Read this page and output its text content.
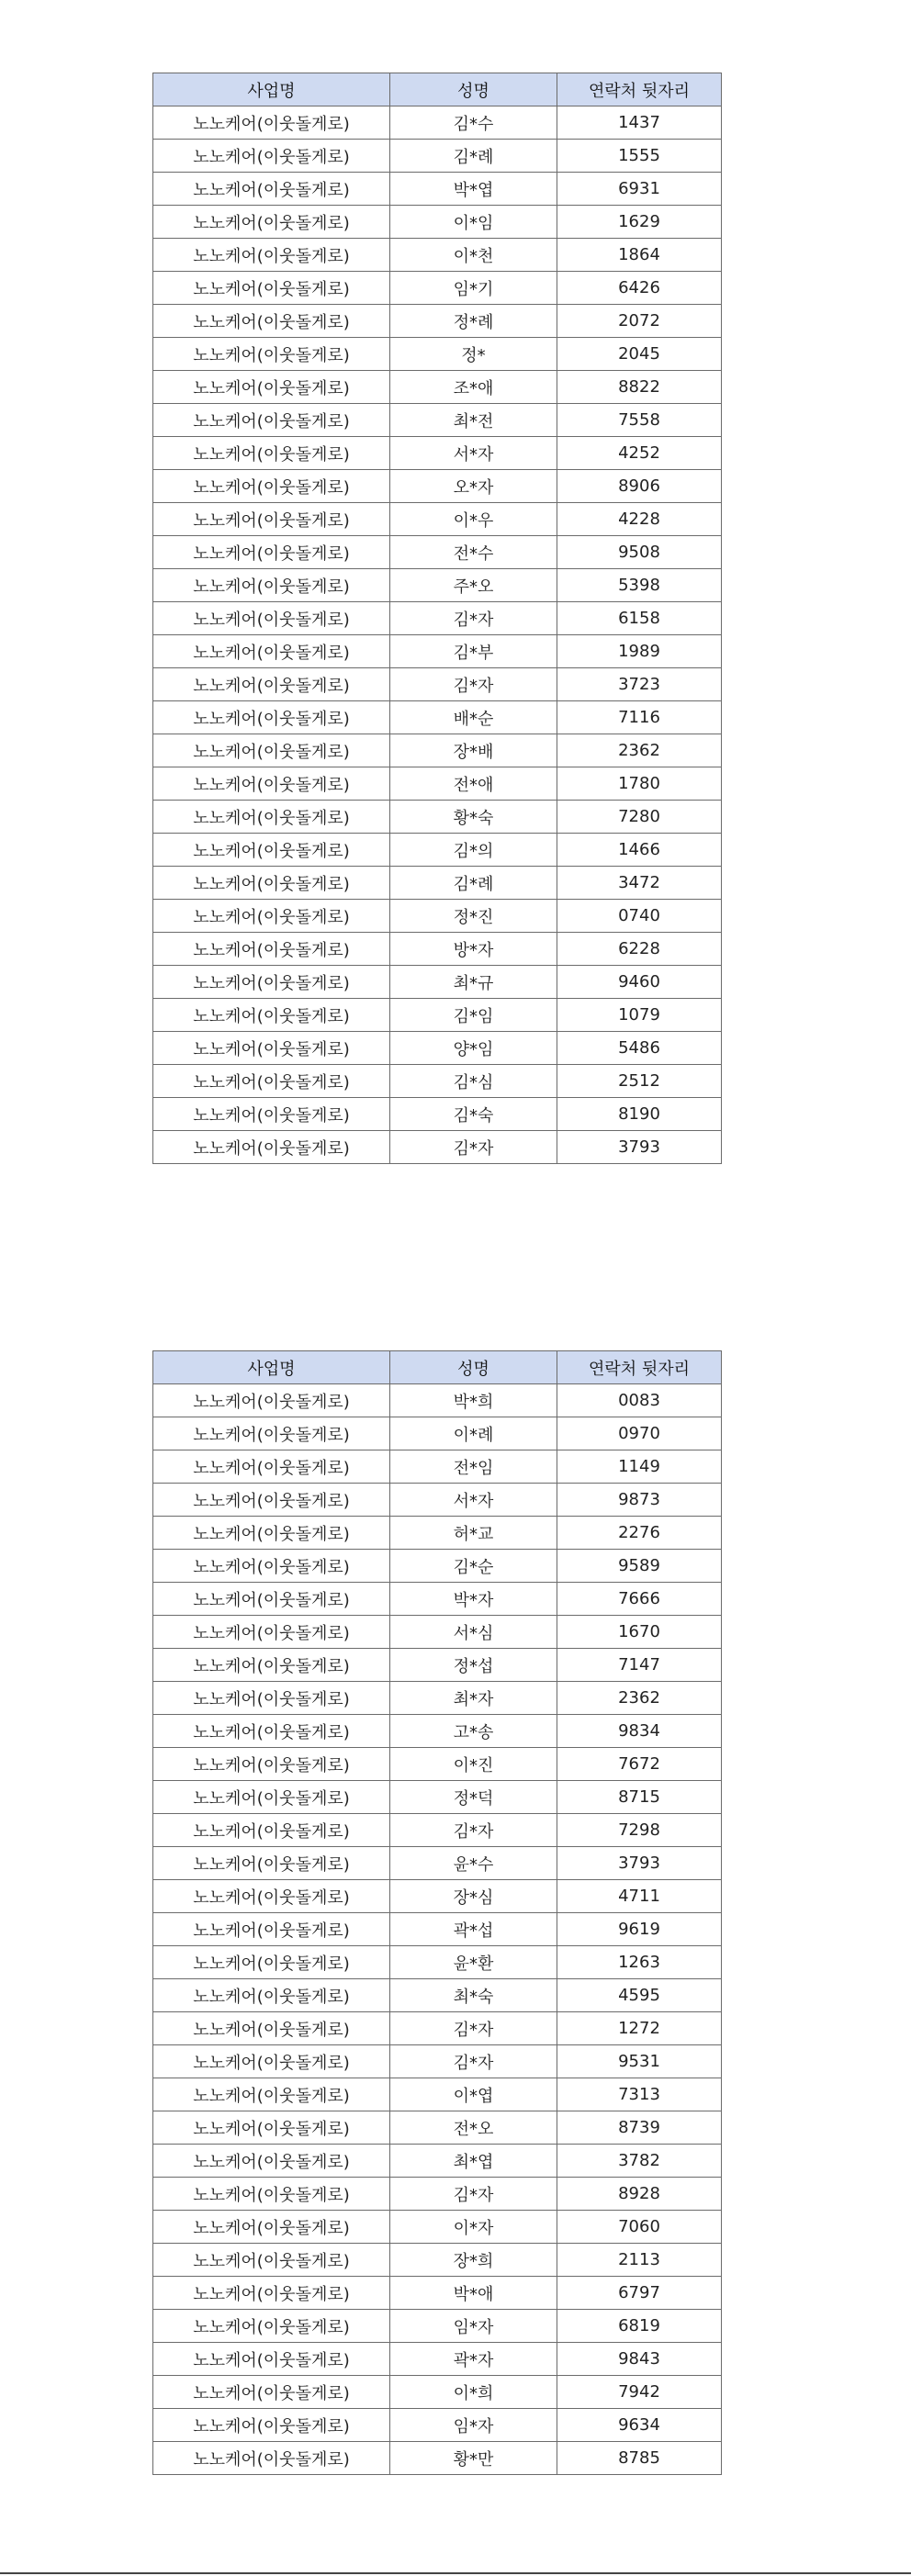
사업명	성명	연락처 뒷자리
노노케어(이웃돌게로)	김*수	1437
노노케어(이웃돌게로)	김*례	1555
노노케어(이웃돌게로)	박*엽	6931
노노케어(이웃돌게로)	이*임	1629
노노케어(이웃돌게로)	이*천	1864
노노케어(이웃돌게로)	임*기	6426
노노케어(이웃돌게로)	정*례	2072
노노케어(이웃돌게로)	정*	2045
노노케어(이웃돌게로)	조*애	8822
노노케어(이웃돌게로)	최*전	7558
노노케어(이웃돌게로)	서*자	4252
노노케어(이웃돌게로)	오*자	8906
노노케어(이웃돌게로)	이*우	4228
노노케어(이웃돌게로)	전*수	9508
노노케어(이웃돌게로)	주*오	5398
노노케어(이웃돌게로)	김*자	6158
노노케어(이웃돌게로)	김*부	1989
노노케어(이웃돌게로)	김*자	3723
노노케어(이웃돌게로)	배*순	7116
노노케어(이웃돌게로)	장*배	2362
노노케어(이웃돌게로)	전*애	1780
노노케어(이웃돌게로)	황*숙	7280
노노케어(이웃돌게로)	김*의	1466
노노케어(이웃돌게로)	김*례	3472
노노케어(이웃돌게로)	정*진	0740
노노케어(이웃돌게로)	방*자	6228
노노케어(이웃돌게로)	최*규	9460
노노케어(이웃돌게로)	김*임	1079
노노케어(이웃돌게로)	양*임	5486
노노케어(이웃돌게로)	김*심	2512
노노케어(이웃돌게로)	김*숙	8190
노노케어(이웃돌게로)	김*자	3793
사업명	성명	연락처 뒷자리
노노케어(이웃돌게로)	박*희	0083
노노케어(이웃돌게로)	이*례	0970
노노케어(이웃돌게로)	전*임	1149
노노케어(이웃돌게로)	서*자	9873
노노케어(이웃돌게로)	허*교	2276
노노케어(이웃돌게로)	김*순	9589
노노케어(이웃돌게로)	박*자	7666
노노케어(이웃돌게로)	서*심	1670
노노케어(이웃돌게로)	정*섭	7147
노노케어(이웃돌게로)	최*자	2362
노노케어(이웃돌게로)	고*송	9834
노노케어(이웃돌게로)	이*진	7672
노노케어(이웃돌게로)	정*덕	8715
노노케어(이웃돌게로)	김*자	7298
노노케어(이웃돌게로)	윤*수	3793
노노케어(이웃돌게로)	장*심	4711
노노케어(이웃돌게로)	곽*섭	9619
노노케어(이웃돌게로)	윤*환	1263
노노케어(이웃돌게로)	최*숙	4595
노노케어(이웃돌게로)	김*자	1272
노노케어(이웃돌게로)	김*자	9531
노노케어(이웃돌게로)	이*엽	7313
노노케어(이웃돌게로)	전*오	8739
노노케어(이웃돌게로)	최*엽	3782
노노케어(이웃돌게로)	김*자	8928
노노케어(이웃돌게로)	이*자	7060
노노케어(이웃돌게로)	장*희	2113
노노케어(이웃돌게로)	박*애	6797
노노케어(이웃돌게로)	임*자	6819
노노케어(이웃돌게로)	곽*자	9843
노노케어(이웃돌게로)	이*희	7942
노노케어(이웃돌게로)	임*자	9634
노노케어(이웃돌게로)	황*만	8785
